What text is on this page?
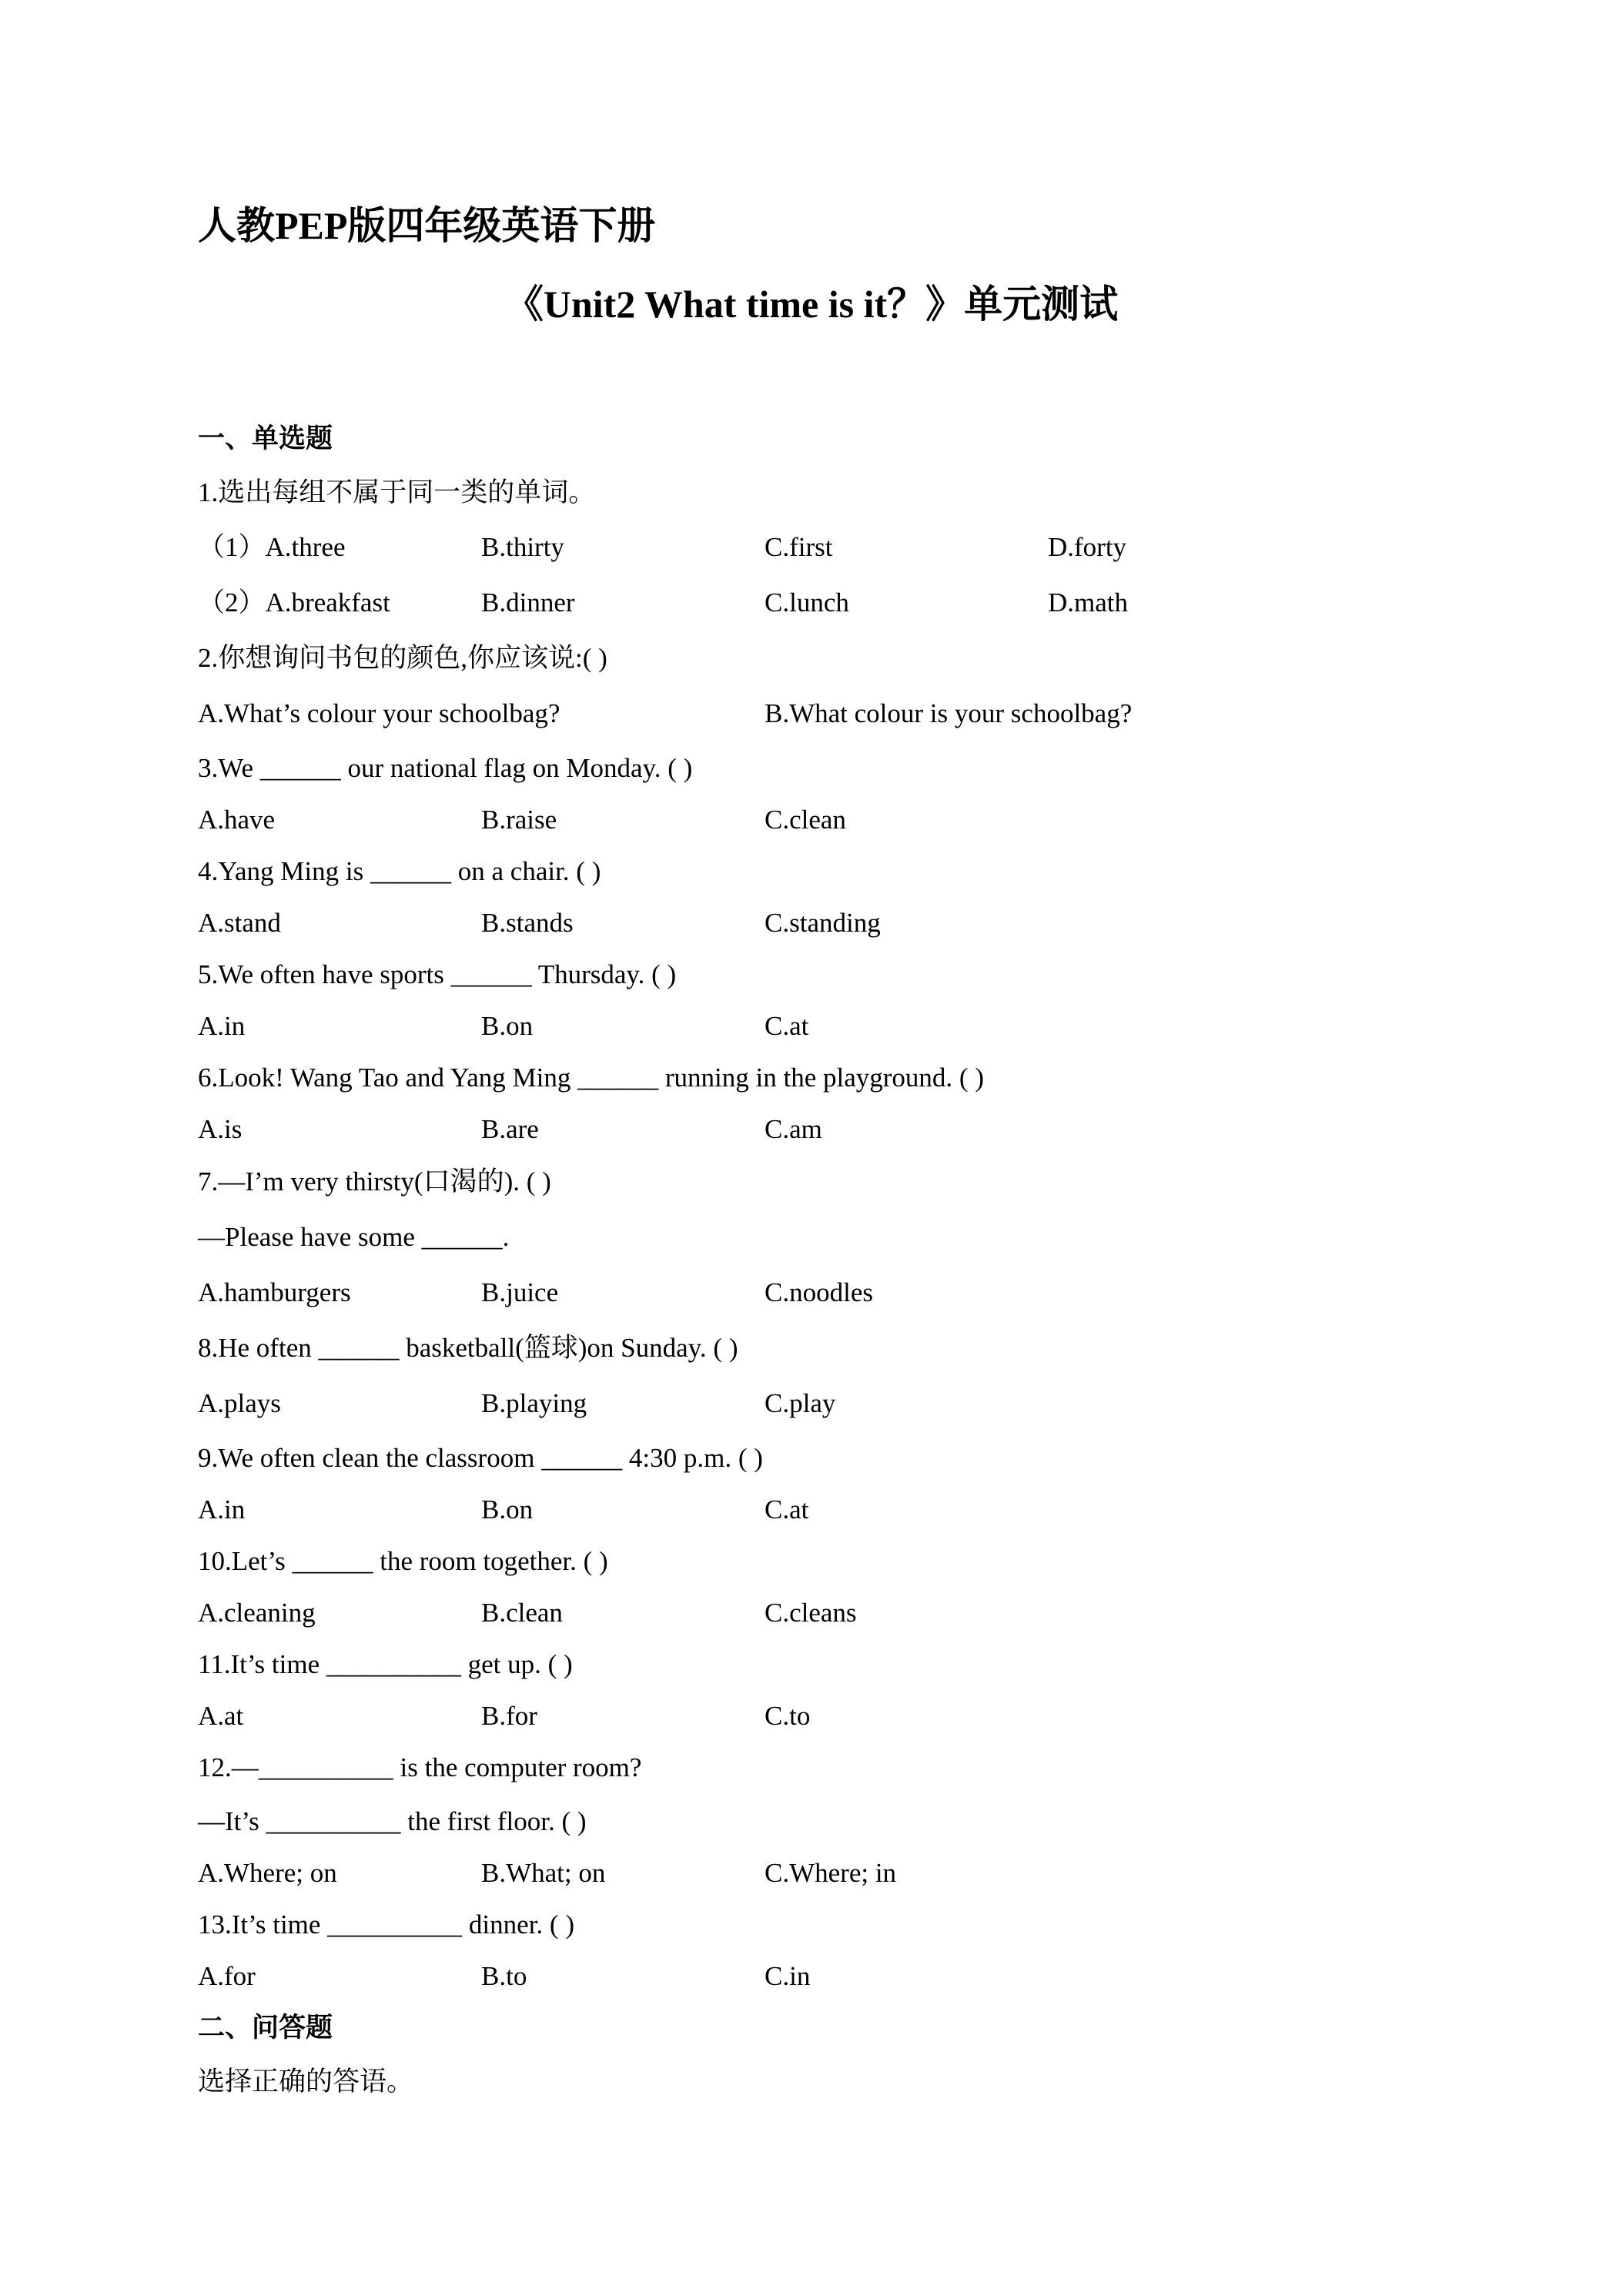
人教PEP版四年级英语下册
《Unit2 What time is it？》单元测试
一、单选题
1.选出每组不属于同一类的单词。
（1）A.three	B.thirty	C.first	D.forty
（2）A.breakfast	B.dinner	C.lunch	D.math
2.你想询问书包的颜色,你应该说:( )
A.What’s colour your schoolbag?	B.What colour is your schoolbag?
3.We ______ our national flag on Monday. ( )
A.have	B.raise	C.clean
4.Yang Ming is ______ on a chair. ( )
A.stand	B.stands	C.standing
5.We often have sports ______ Thursday. ( )
A.in	B.on	C.at
6.Look! Wang Tao and Yang Ming ______ running in the playground. ( )
A.is	B.are	C.am
7.—I’m very thirsty(口渴的). ( )
—Please have some ______.
A.hamburgers	B.juice	C.noodles
8.He often ______ basketball(篮球)on Sunday. ( )
A.plays	B.playing	C.play
9.We often clean the classroom ______ 4:30 p.m. ( )
A.in	B.on	C.at
10.Let’s ______ the room together. ( )
A.cleaning	B.clean	C.cleans
11.It’s time __________ get up. ( )
A.at	B.for	C.to
12.—__________ is the computer room?
—It’s __________ the first floor. ( )
A.Where; on	B.What; on	C.Where; in
13.It’s time __________ dinner. ( )
A.for	B.to	C.in
二、问答题
选择正确的答语。
